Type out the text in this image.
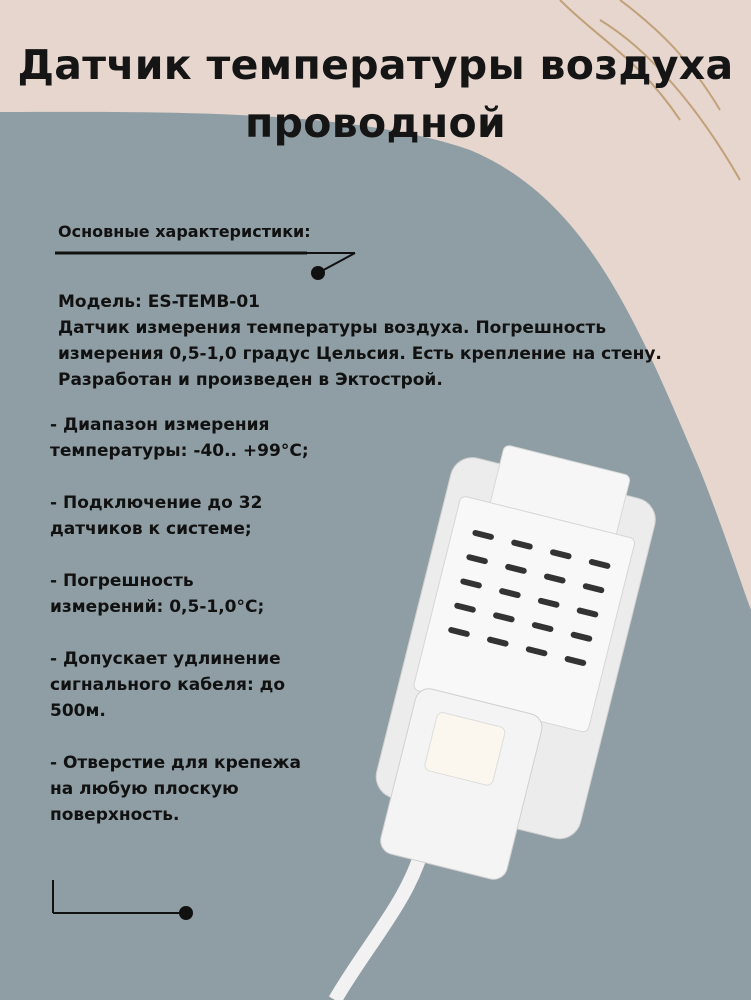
Датчик температуры воздуха
проводной
Основные характеристики:
Модель: ES-TEMB-01
Датчик измерения температуры воздуха. Погрешность измерения 0,5-1,0 градус Цельсия. Есть крепление на стену. Разработан и произведен в Эктострой.

- Диапазон измерения температуры: -40.. +99°С;

- Подключение до 32 датчиков к системе;

- Погрешность измерений: 0,5-1,0°С;

- Допускает удлинение сигнального кабеля: до 500м.

- Отверстие для крепежа на любую плоскую поверхность.
